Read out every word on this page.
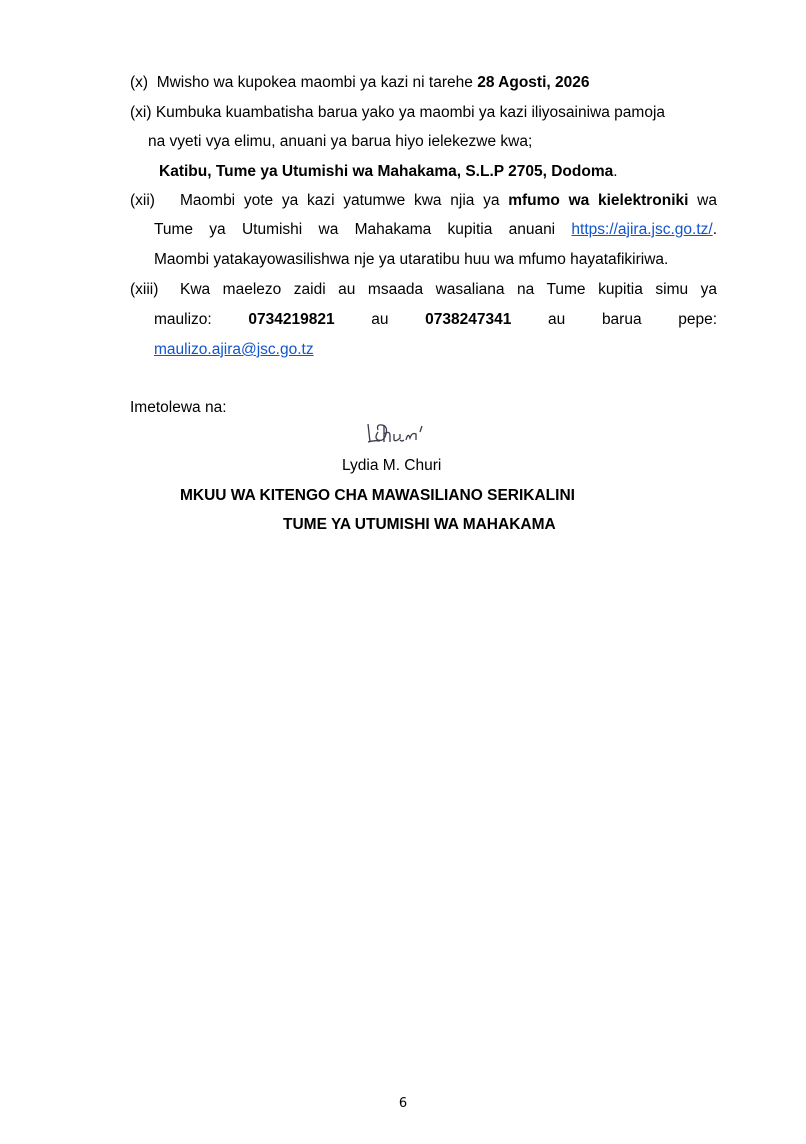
(x) Mwisho wa kupokea maombi ya kazi ni tarehe 28 Agosti, 2026
(xi) Kumbuka kuambatisha barua yako ya maombi ya kazi iliyosainiwa pamoja
na vyeti vya elimu, anuani ya barua hiyo ielekezwe kwa;
Katibu, Tume ya Utumishi wa Mahakama, S.L.P 2705, Dodoma.
(xii) Maombi yote ya kazi yatumwe kwa njia ya mfumo wa kielektroniki wa
Tume ya Utumishi wa Mahakama kupitia anuani https://ajira.jsc.go.tz/.
Maombi yatakayowasilishwa nje ya utaratibu huu wa mfumo hayatafikiriwa.
(xiii) Kwa maelezo zaidi au msaada wasaliana na Tume kupitia simu ya
maulizo: 0734219821 au 0738247341 au barua pepe:
maulizo.ajira@jsc.go.tz
Imetolewa na:
Lydia M. Churi
MKUU WA KITENGO CHA MAWASILIANO SERIKALINI
TUME YA UTUMISHI WA MAHAKAMA
6
